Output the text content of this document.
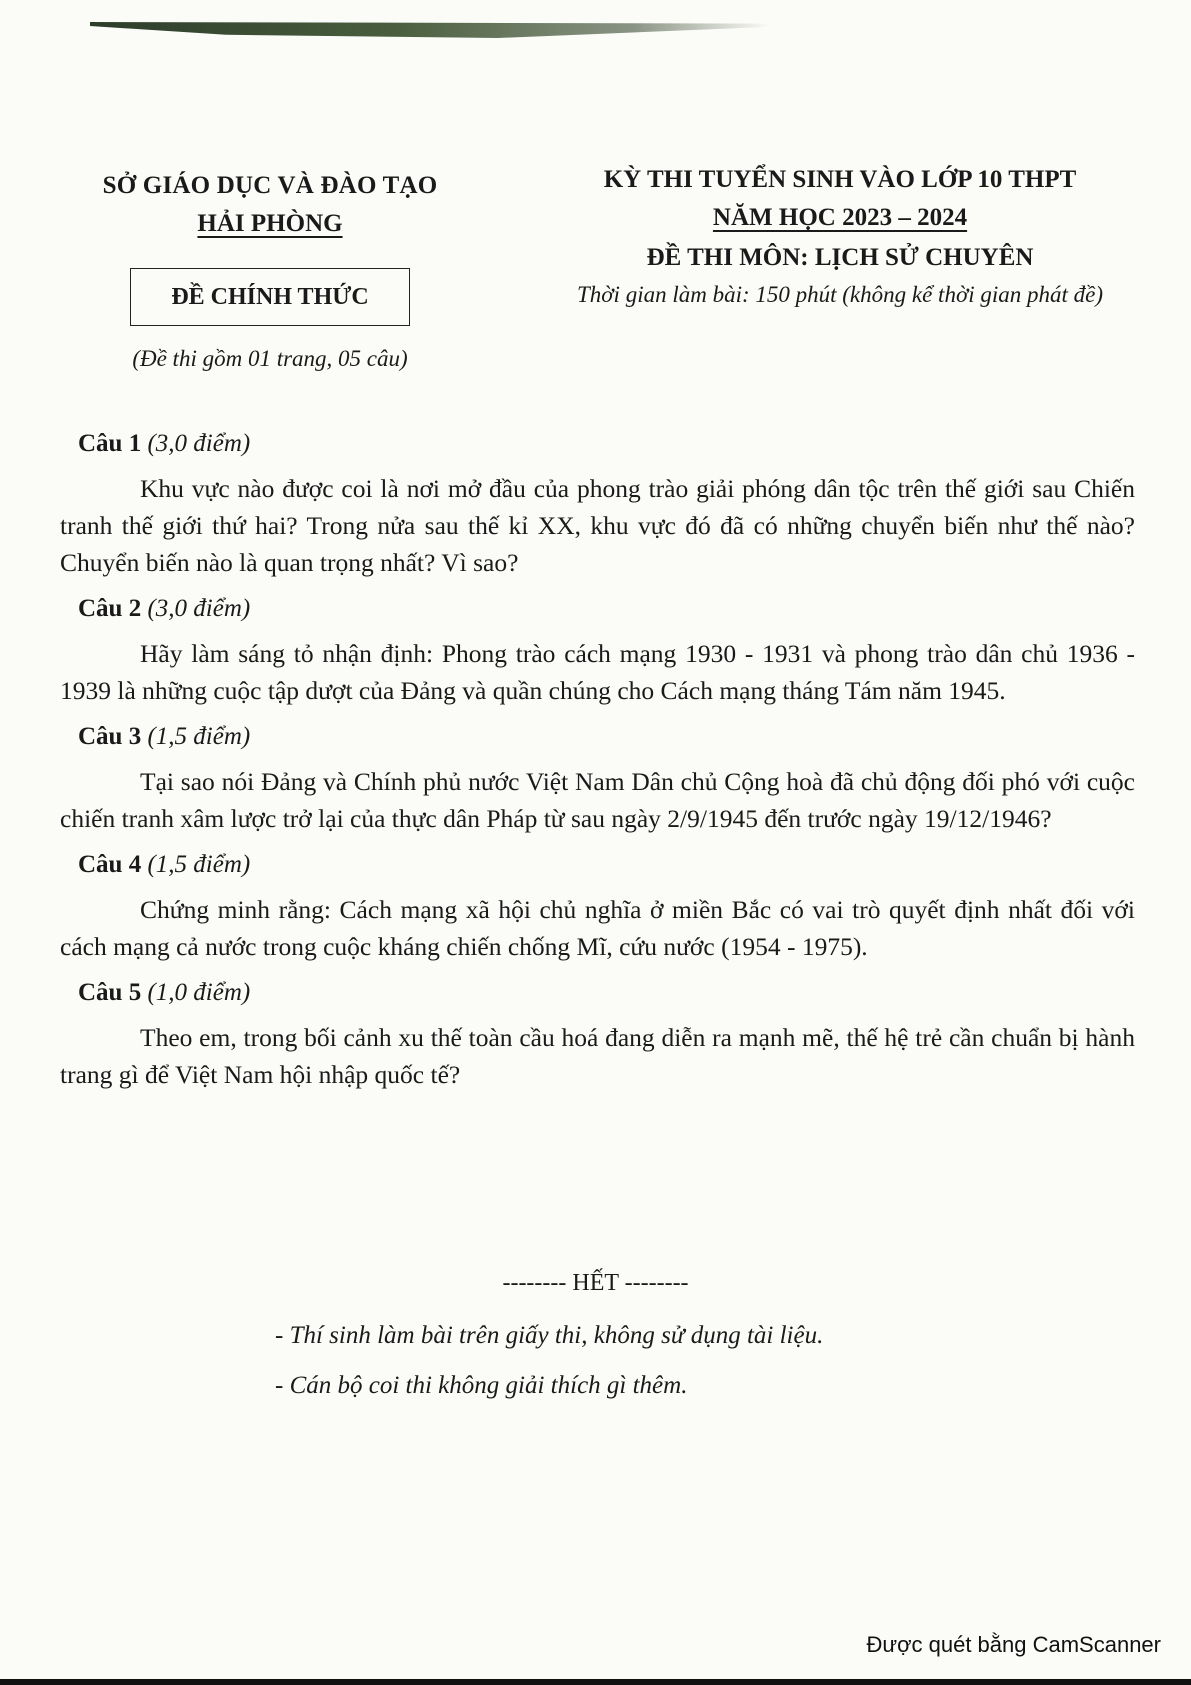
SỞ GIÁO DỤC VÀ ĐÀO TẠO
HẢI PHÒNG
ĐỀ CHÍNH THỨC
(Đề thi gồm 01 trang, 05 câu)
KỲ THI TUYỂN SINH VÀO LỚP 10 THPT
NĂM HỌC 2023 – 2024
ĐỀ THI MÔN: LỊCH SỬ CHUYÊN
Thời gian làm bài: 150 phút (không kể thời gian phát đề)

Câu 1 (3,0 điểm)

Khu vực nào được coi là nơi mở đầu của phong trào giải phóng dân tộc trên thế giới sau Chiến tranh thế giới thứ hai? Trong nửa sau thế kỉ XX, khu vực đó đã có những chuyển biến như thế nào? Chuyển biến nào là quan trọng nhất? Vì sao?

Câu 2 (3,0 điểm)

Hãy làm sáng tỏ nhận định: Phong trào cách mạng 1930 - 1931 và phong trào dân chủ 1936 - 1939 là những cuộc tập dượt của Đảng và quần chúng cho Cách mạng tháng Tám năm 1945.

Câu 3 (1,5 điểm)

Tại sao nói Đảng và Chính phủ nước Việt Nam Dân chủ Cộng hoà đã chủ động đối phó với cuộc chiến tranh xâm lược trở lại của thực dân Pháp từ sau ngày 2/9/1945 đến trước ngày 19/12/1946?

Câu 4 (1,5 điểm)

Chứng minh rằng: Cách mạng xã hội chủ nghĩa ở miền Bắc có vai trò quyết định nhất đối với cách mạng cả nước trong cuộc kháng chiến chống Mĩ, cứu nước (1954 - 1975).

Câu 5 (1,0 điểm)

Theo em, trong bối cảnh xu thế toàn cầu hoá đang diễn ra mạnh mẽ, thế hệ trẻ cần chuẩn bị hành trang gì để Việt Nam hội nhập quốc tế?

-------- HẾT --------
- Thí sinh làm bài trên giấy thi, không sử dụng tài liệu.
- Cán bộ coi thi không giải thích gì thêm.
Được quét bằng CamScanner
